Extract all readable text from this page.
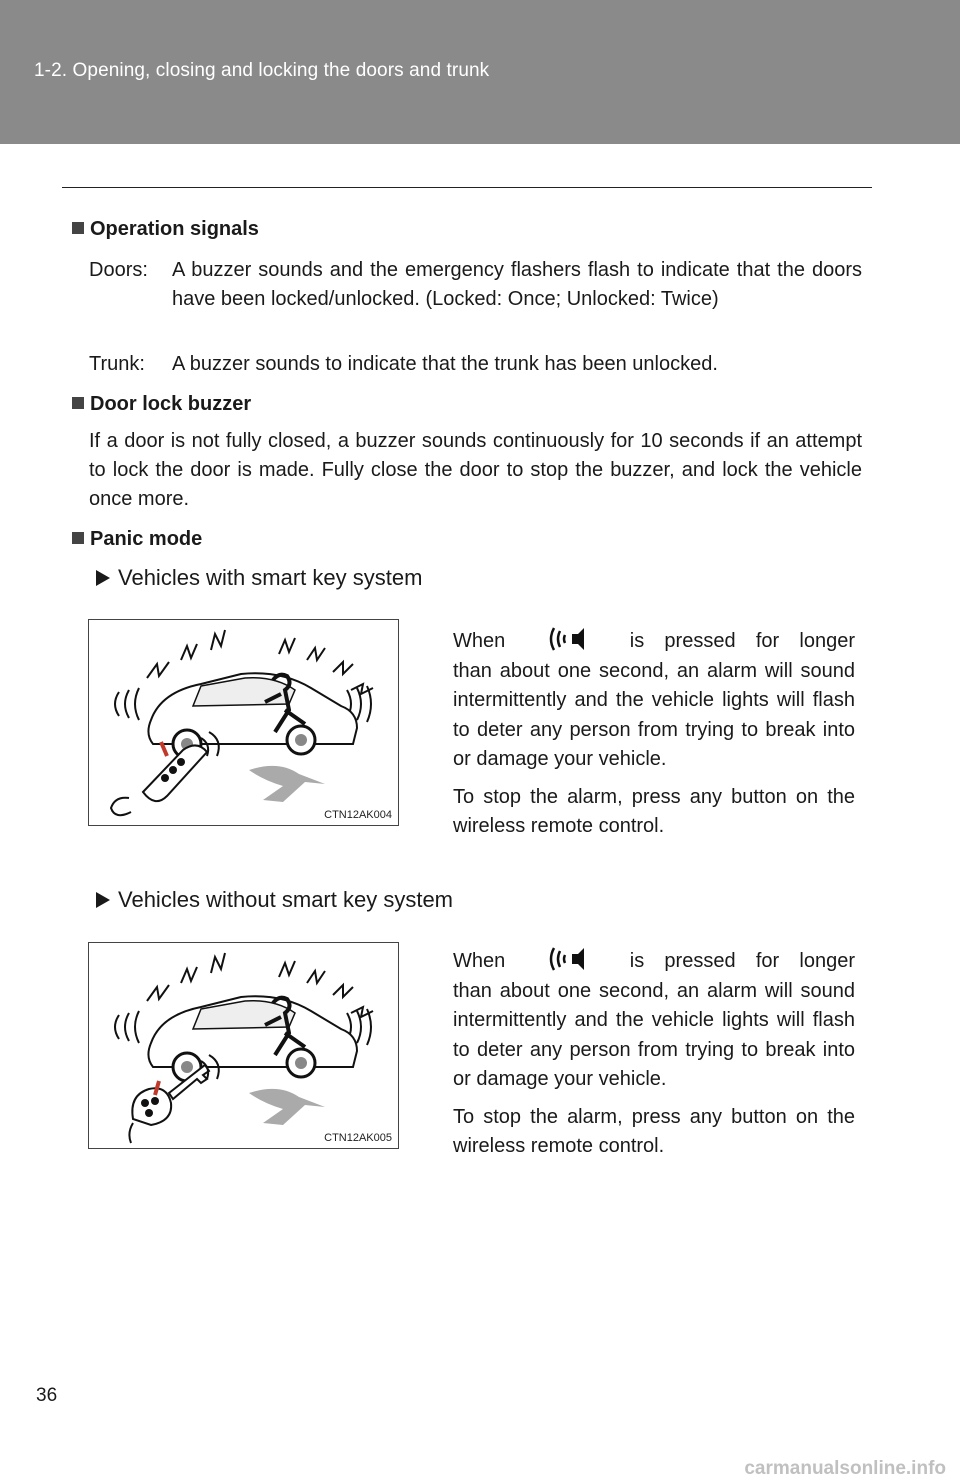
1-2. Opening, closing and locking the doors and trunk
Operation signals
Doors: A buzzer sounds and the emergency flashers flash to indicate that the doors have been locked/unlocked. (Locked: Once; Unlocked: Twice)
Trunk: A buzzer sounds to indicate that the trunk has been unlocked.
Door lock buzzer
If a door is not fully closed, a buzzer sounds continuously for 10 seconds if an attempt to lock the door is made. Fully close the door to stop the buzzer, and lock the vehicle once more.
Panic mode
Vehicles with smart key system
CTN12AK004

When	is pressed for longer

than about one second, an alarm will sound intermittently and the vehicle lights will flash to deter any person from trying to break into or damage your vehicle.

To stop the alarm, press any button on the wireless remote control.

Vehicles without smart key system
CTN12AK005

When	is pressed for longer

than about one second, an alarm will sound intermittently and the vehicle lights will flash to deter any person from trying to break into or damage your vehicle.

To stop the alarm, press any button on the wireless remote control.

36
carmanualsonline.info
